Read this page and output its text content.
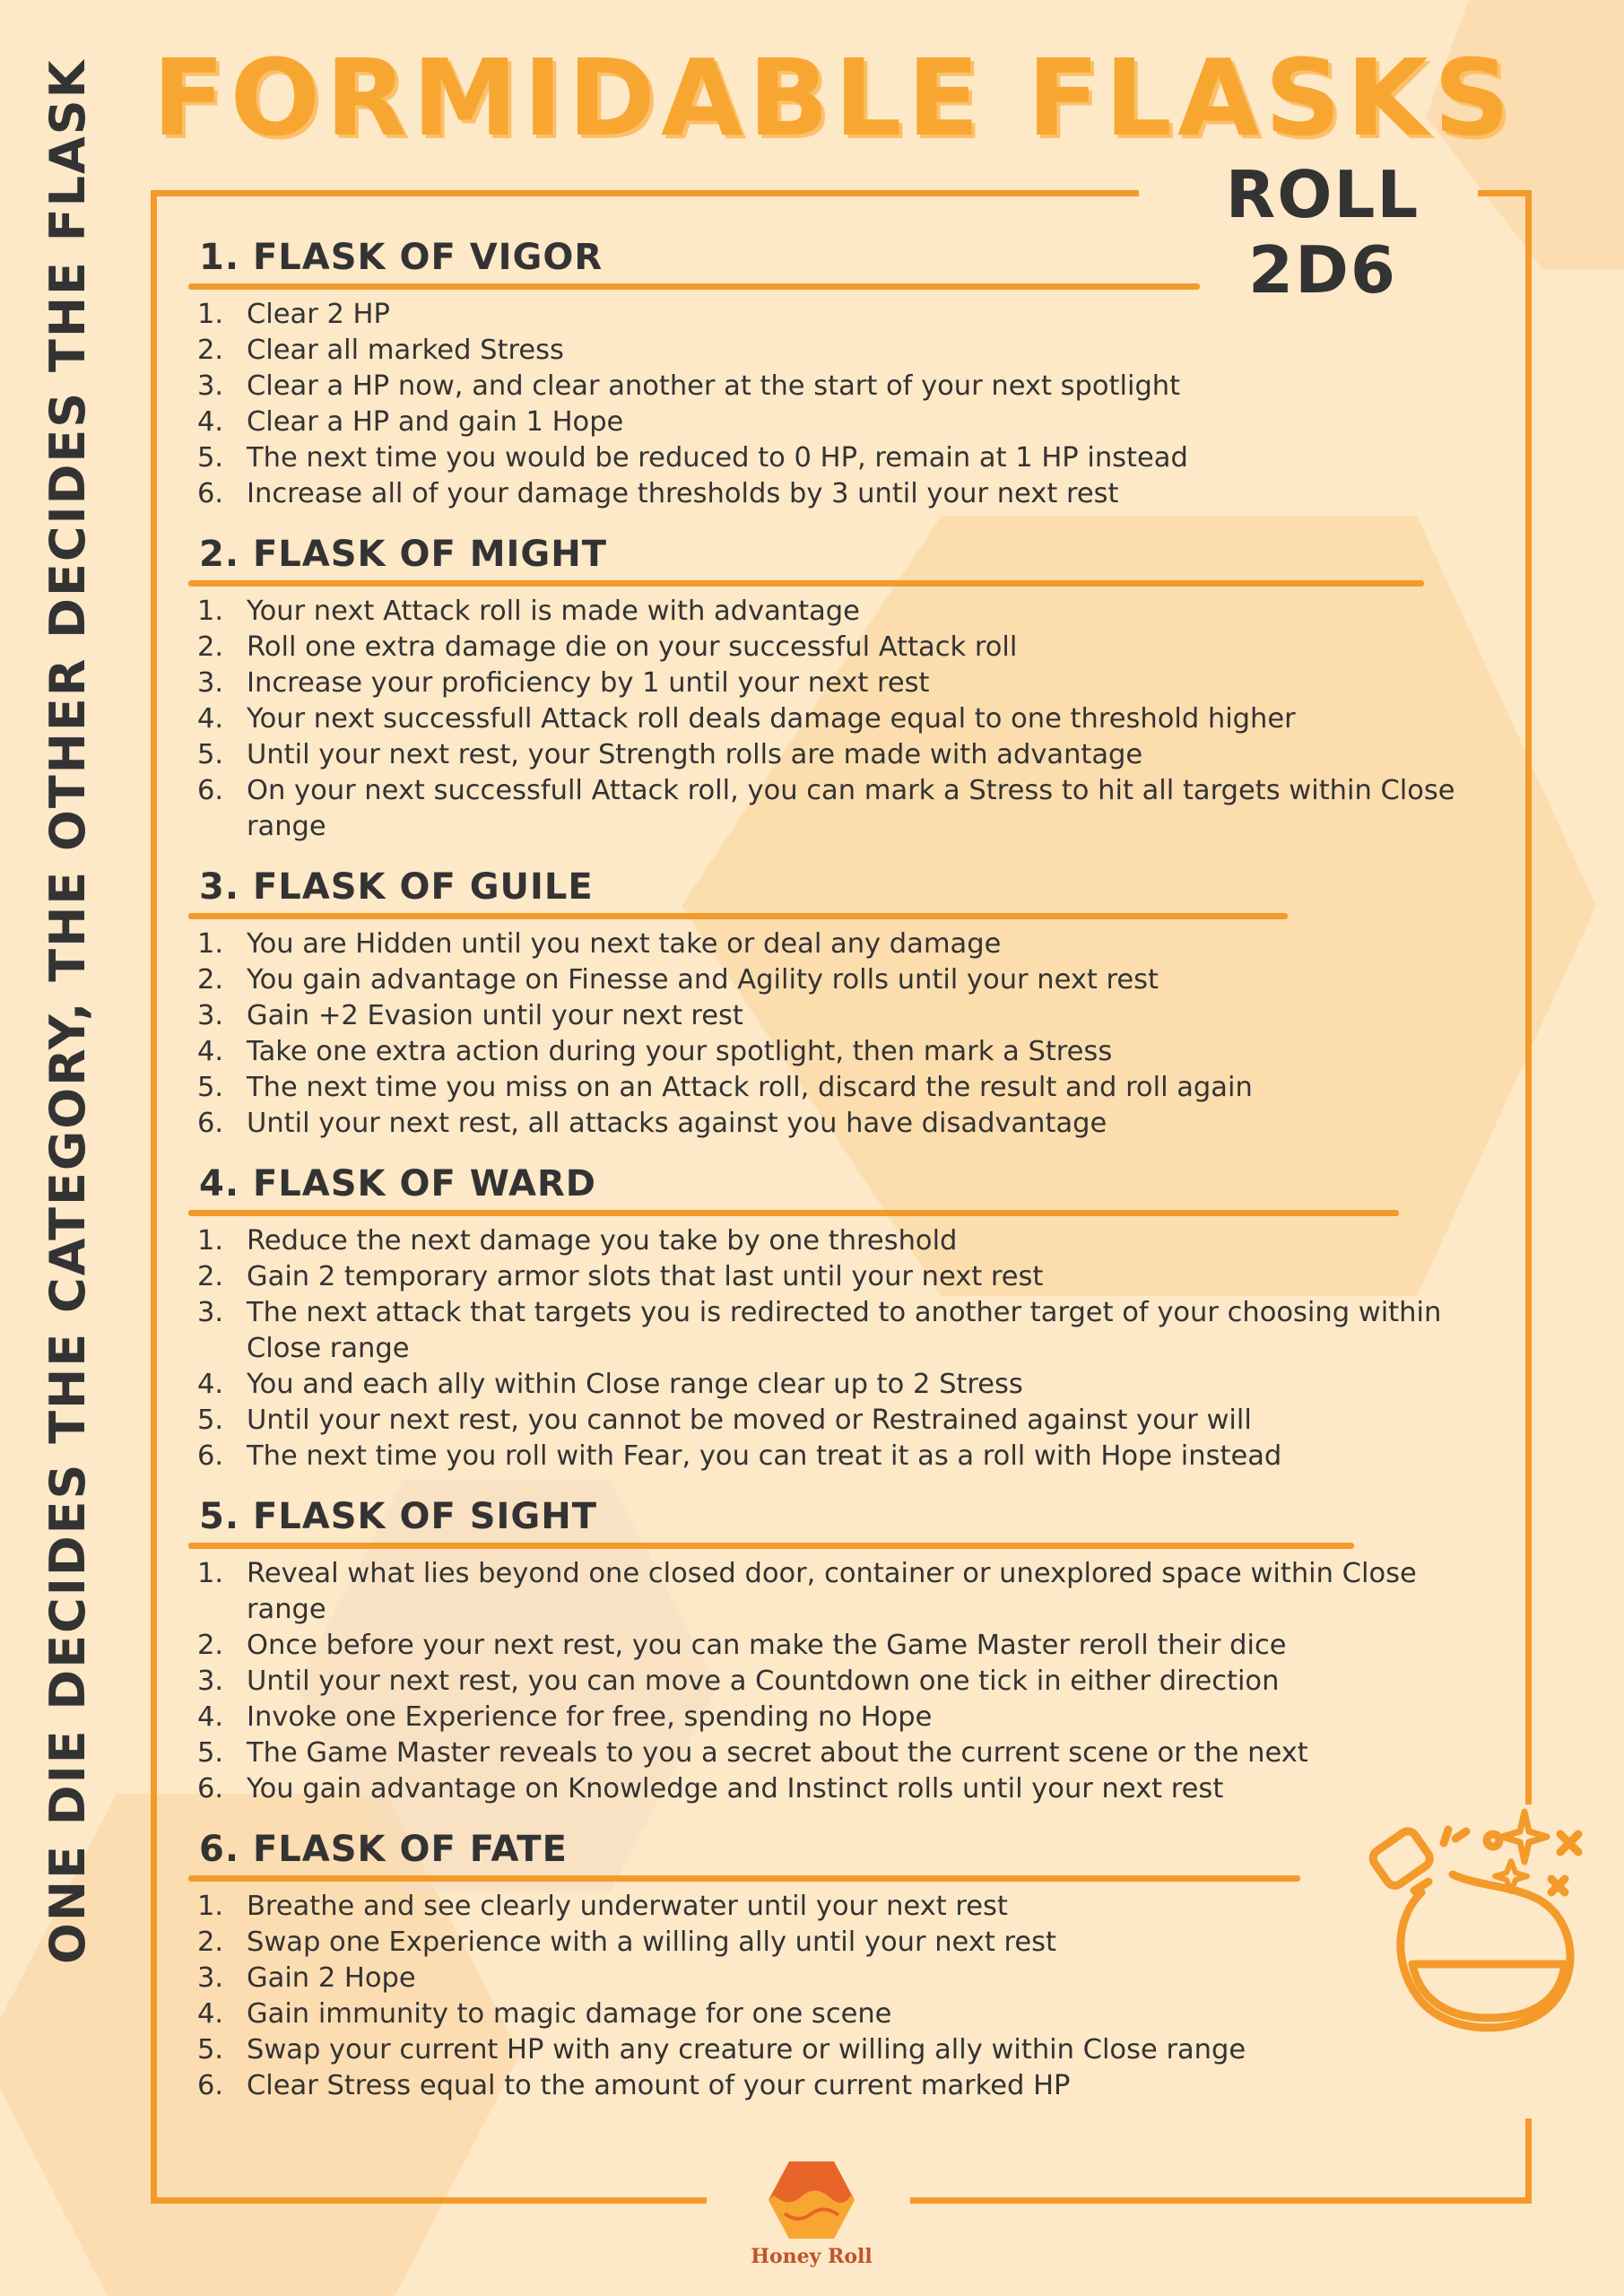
FORMIDABLE FLASKS
ROLL 2D6
ONE DIE DECIDES THE CATEGORY, THE OTHER DECIDES THE FLASK	1. FLASK OF VIGOR
1. Clear 2 HP
2. Clear all marked Stress
3. Clear a HP now, and clear another at the start of your next spotlight
4. Clear a HP and gain 1 Hope
5. The next time you would be reduced to 0 HP, remain at 1 HP instead
6. Increase all of your damage thresholds by 3 until your next rest
2. FLASK OF MIGHT
1. Your next Attack roll is made with advantage
2. Roll one extra damage die on your successful Attack roll
3. Increase your proficiency by 1 until your next rest
4. Your next successfull Attack roll deals damage equal to one threshold higher
5. Until your next rest, your Strength rolls are made with advantage
6. On your next successfull Attack roll, you can mark a Stress to hit all targets within Close range
3. FLASK OF GUILE
1. You are Hidden until you next take or deal any damage
2. You gain advantage on Finesse and Agility rolls until your next rest
3. Gain +2 Evasion until your next rest
4. Take one extra action during your spotlight, then mark a Stress
5. The next time you miss on an Attack roll, discard the result and roll again
6. Until your next rest, all attacks against you have disadvantage
4. FLASK OF WARD
1. Reduce the next damage you take by one threshold
2. Gain 2 temporary armor slots that last until your next rest
3. The next attack that targets you is redirected to another target of your choosing within Close range
4. You and each ally within Close range clear up to 2 Stress
5. Until your next rest, you cannot be moved or Restrained against your will
6. The next time you roll with Fear, you can treat it as a roll with Hope instead
5. FLASK OF SIGHT
1. Reveal what lies beyond one closed door, container or unexplored space within Close range
2. Once before your next rest, you can make the Game Master reroll their dice
3. Until your next rest, you can move a Countdown one tick in either direction
4. Invoke one Experience for free, spending no Hope
5. The Game Master reveals to you a secret about the current scene or the next
6. You gain advantage on Knowledge and Instinct rolls until your next rest
6. FLASK OF FATE
1. Breathe and see clearly underwater until your next rest
2. Swap one Experience with a willing ally until your next rest
3. Gain 2 Hope
4. Gain immunity to magic damage for one scene
5. Swap your current HP with any creature or willing ally within Close range
6. Clear Stress equal to the amount of your current marked HP
Honey Roll
